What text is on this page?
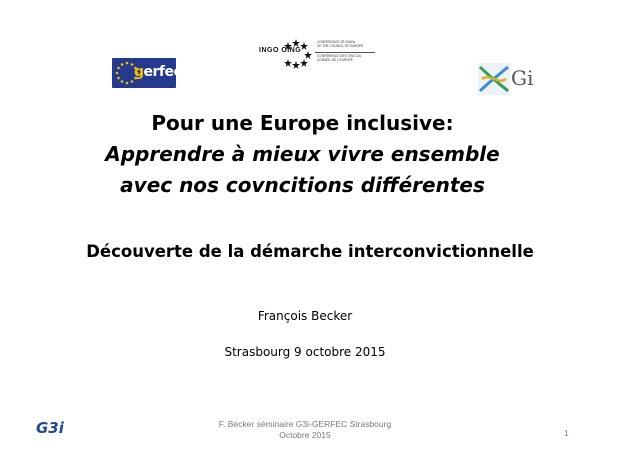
gerfec
INGO OING
CONFERENCE OF INGOs
OF THE COUNCIL OF EUROPE
CONFÉRENCE DES OING DU
CONSEIL DE L'EUROPE
Gi
Pour une Europe inclusive:
Apprendre à mieux vivre ensemble
avec nos covncitions différentes
Découverte de la démarche interconvictionnelle
François Becker
Strasbourg 9 octobre 2015
G3i	F. Becker séminaire G3i-GERFEC Strasbourg
Octobre 2015	1
